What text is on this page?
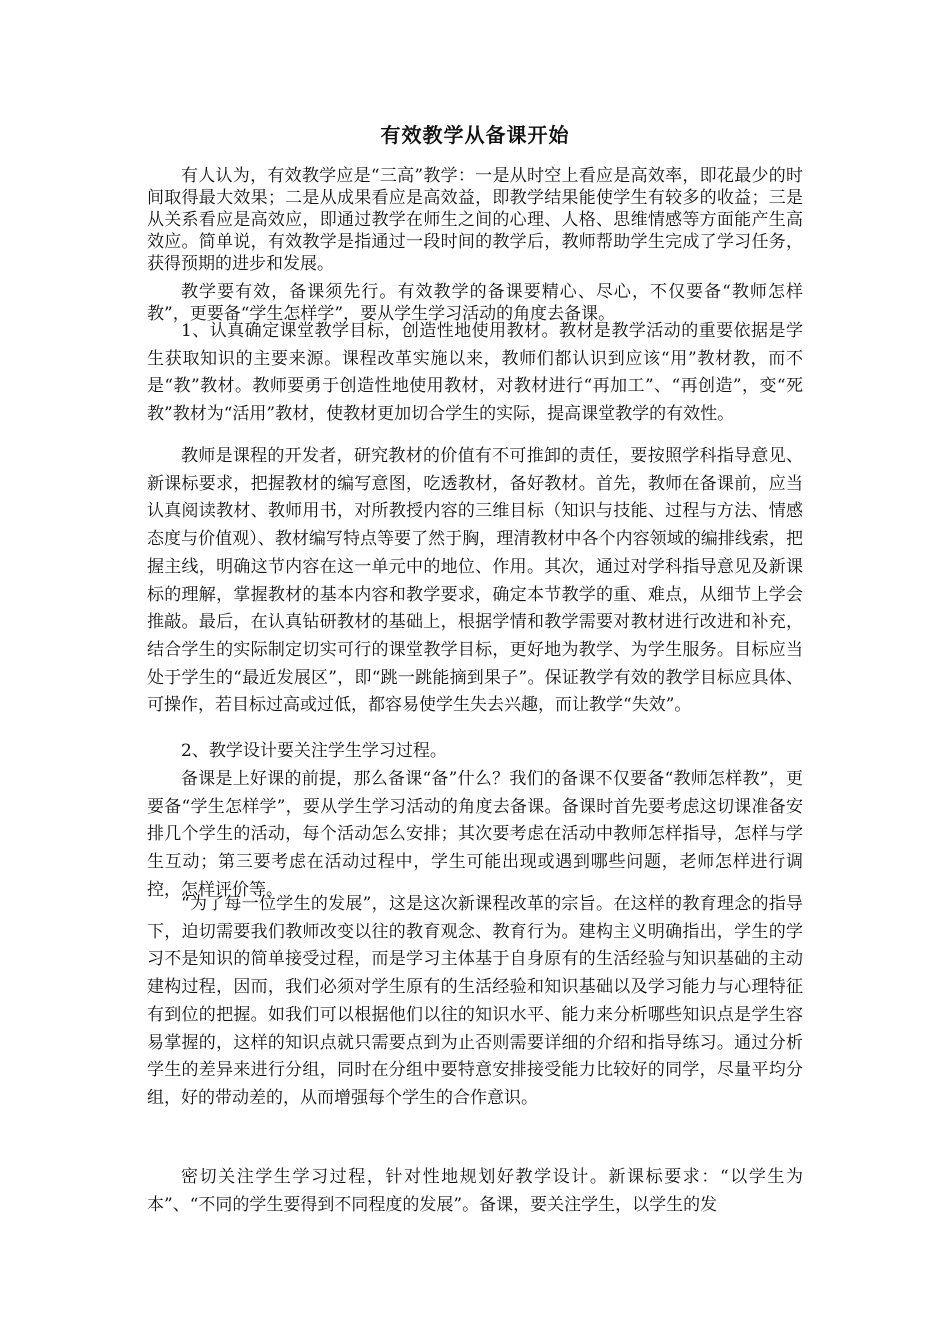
有效教学从备课开始

有人认为，有效教学应是“三高”教学：一是从时空上看应是高效率，即花最少的时间取得最大效果；二是从成果看应是高效益，即教学结果能使学生有较多的收益；三是从关系看应是高效应，即通过教学在师生之间的心理、人格、思维情感等方面能产生高效应。简单说，有效教学是指通过一段时间的教学后，教师帮助学生完成了学习任务，获得预期的进步和发展。

教学要有效，备课须先行。有效教学的备课要精心、尽心，不仅要备“教师怎样教”，更要备“学生怎样学”，要从学生学习活动的角度去备课。

1、认真确定课堂教学目标，创造性地使用教材。教材是教学活动的重要依据是学生获取知识的主要来源。课程改革实施以来，教师们都认识到应该“用”教材教，而不是“教”教材。教师要勇于创造性地使用教材，对教材进行“再加工”、“再创造”，变“死教”教材为“活用”教材，使教材更加切合学生的实际，提高课堂教学的有效性。

教师是课程的开发者，研究教材的价值有不可推卸的责任，要按照学科指导意见、新课标要求，把握教材的编写意图，吃透教材，备好教材。首先，教师在备课前，应当认真阅读教材、教师用书，对所教授内容的三维目标（知识与技能、过程与方法、情感态度与价值观）、教材编写特点等要了然于胸，理清教材中各个内容领域的编排线索，把握主线，明确这节内容在这一单元中的地位、作用。其次，通过对学科指导意见及新课标的理解，掌握教材的基本内容和教学要求，确定本节教学的重、难点，从细节上学会推敲。最后，在认真钻研教材的基础上，根据学情和教学需要对教材进行改进和补充，结合学生的实际制定切实可行的课堂教学目标，更好地为教学、为学生服务。目标应当处于学生的“最近发展区”，即“跳一跳能摘到果子”。保证教学有效的教学目标应具体、可操作，若目标过高或过低，都容易使学生失去兴趣，而让教学“失效”。

2、教学设计要关注学生学习过程。

备课是上好课的前提，那么备课“备”什么？我们的备课不仅要备“教师怎样教”，更要备“学生怎样学”，要从学生学习活动的角度去备课。备课时首先要考虑这切课准备安排几个学生的活动，每个活动怎么安排；其次要考虑在活动中教师怎样指导，怎样与学生互动；第三要考虑在活动过程中，学生可能出现或遇到哪些问题，老师怎样进行调控，怎样评价等。

“为了每一位学生的发展”，这是这次新课程改革的宗旨。在这样的教育理念的指导下，迫切需要我们教师改变以往的教育观念、教育行为。建构主义明确指出，学生的学习不是知识的简单接受过程，而是学习主体基于自身原有的生活经验与知识基础的主动建构过程，因而，我们必须对学生原有的生活经验和知识基础以及学习能力与心理特征有到位的把握。如我们可以根据他们以往的知识水平、能力来分析哪些知识点是学生容易掌握的，这样的知识点就只需要点到为止否则需要详细的介绍和指导练习。通过分析学生的差异来进行分组，同时在分组中要特意安排接受能力比较好的同学，尽量平均分组，好的带动差的，从而增强每个学生的合作意识。

密切关注学生学习过程，针对性地规划好教学设计。新课标要求：“以学生为本”、“不同的学生要得到不同程度的发展”。备课，要关注学生，以学生的发
